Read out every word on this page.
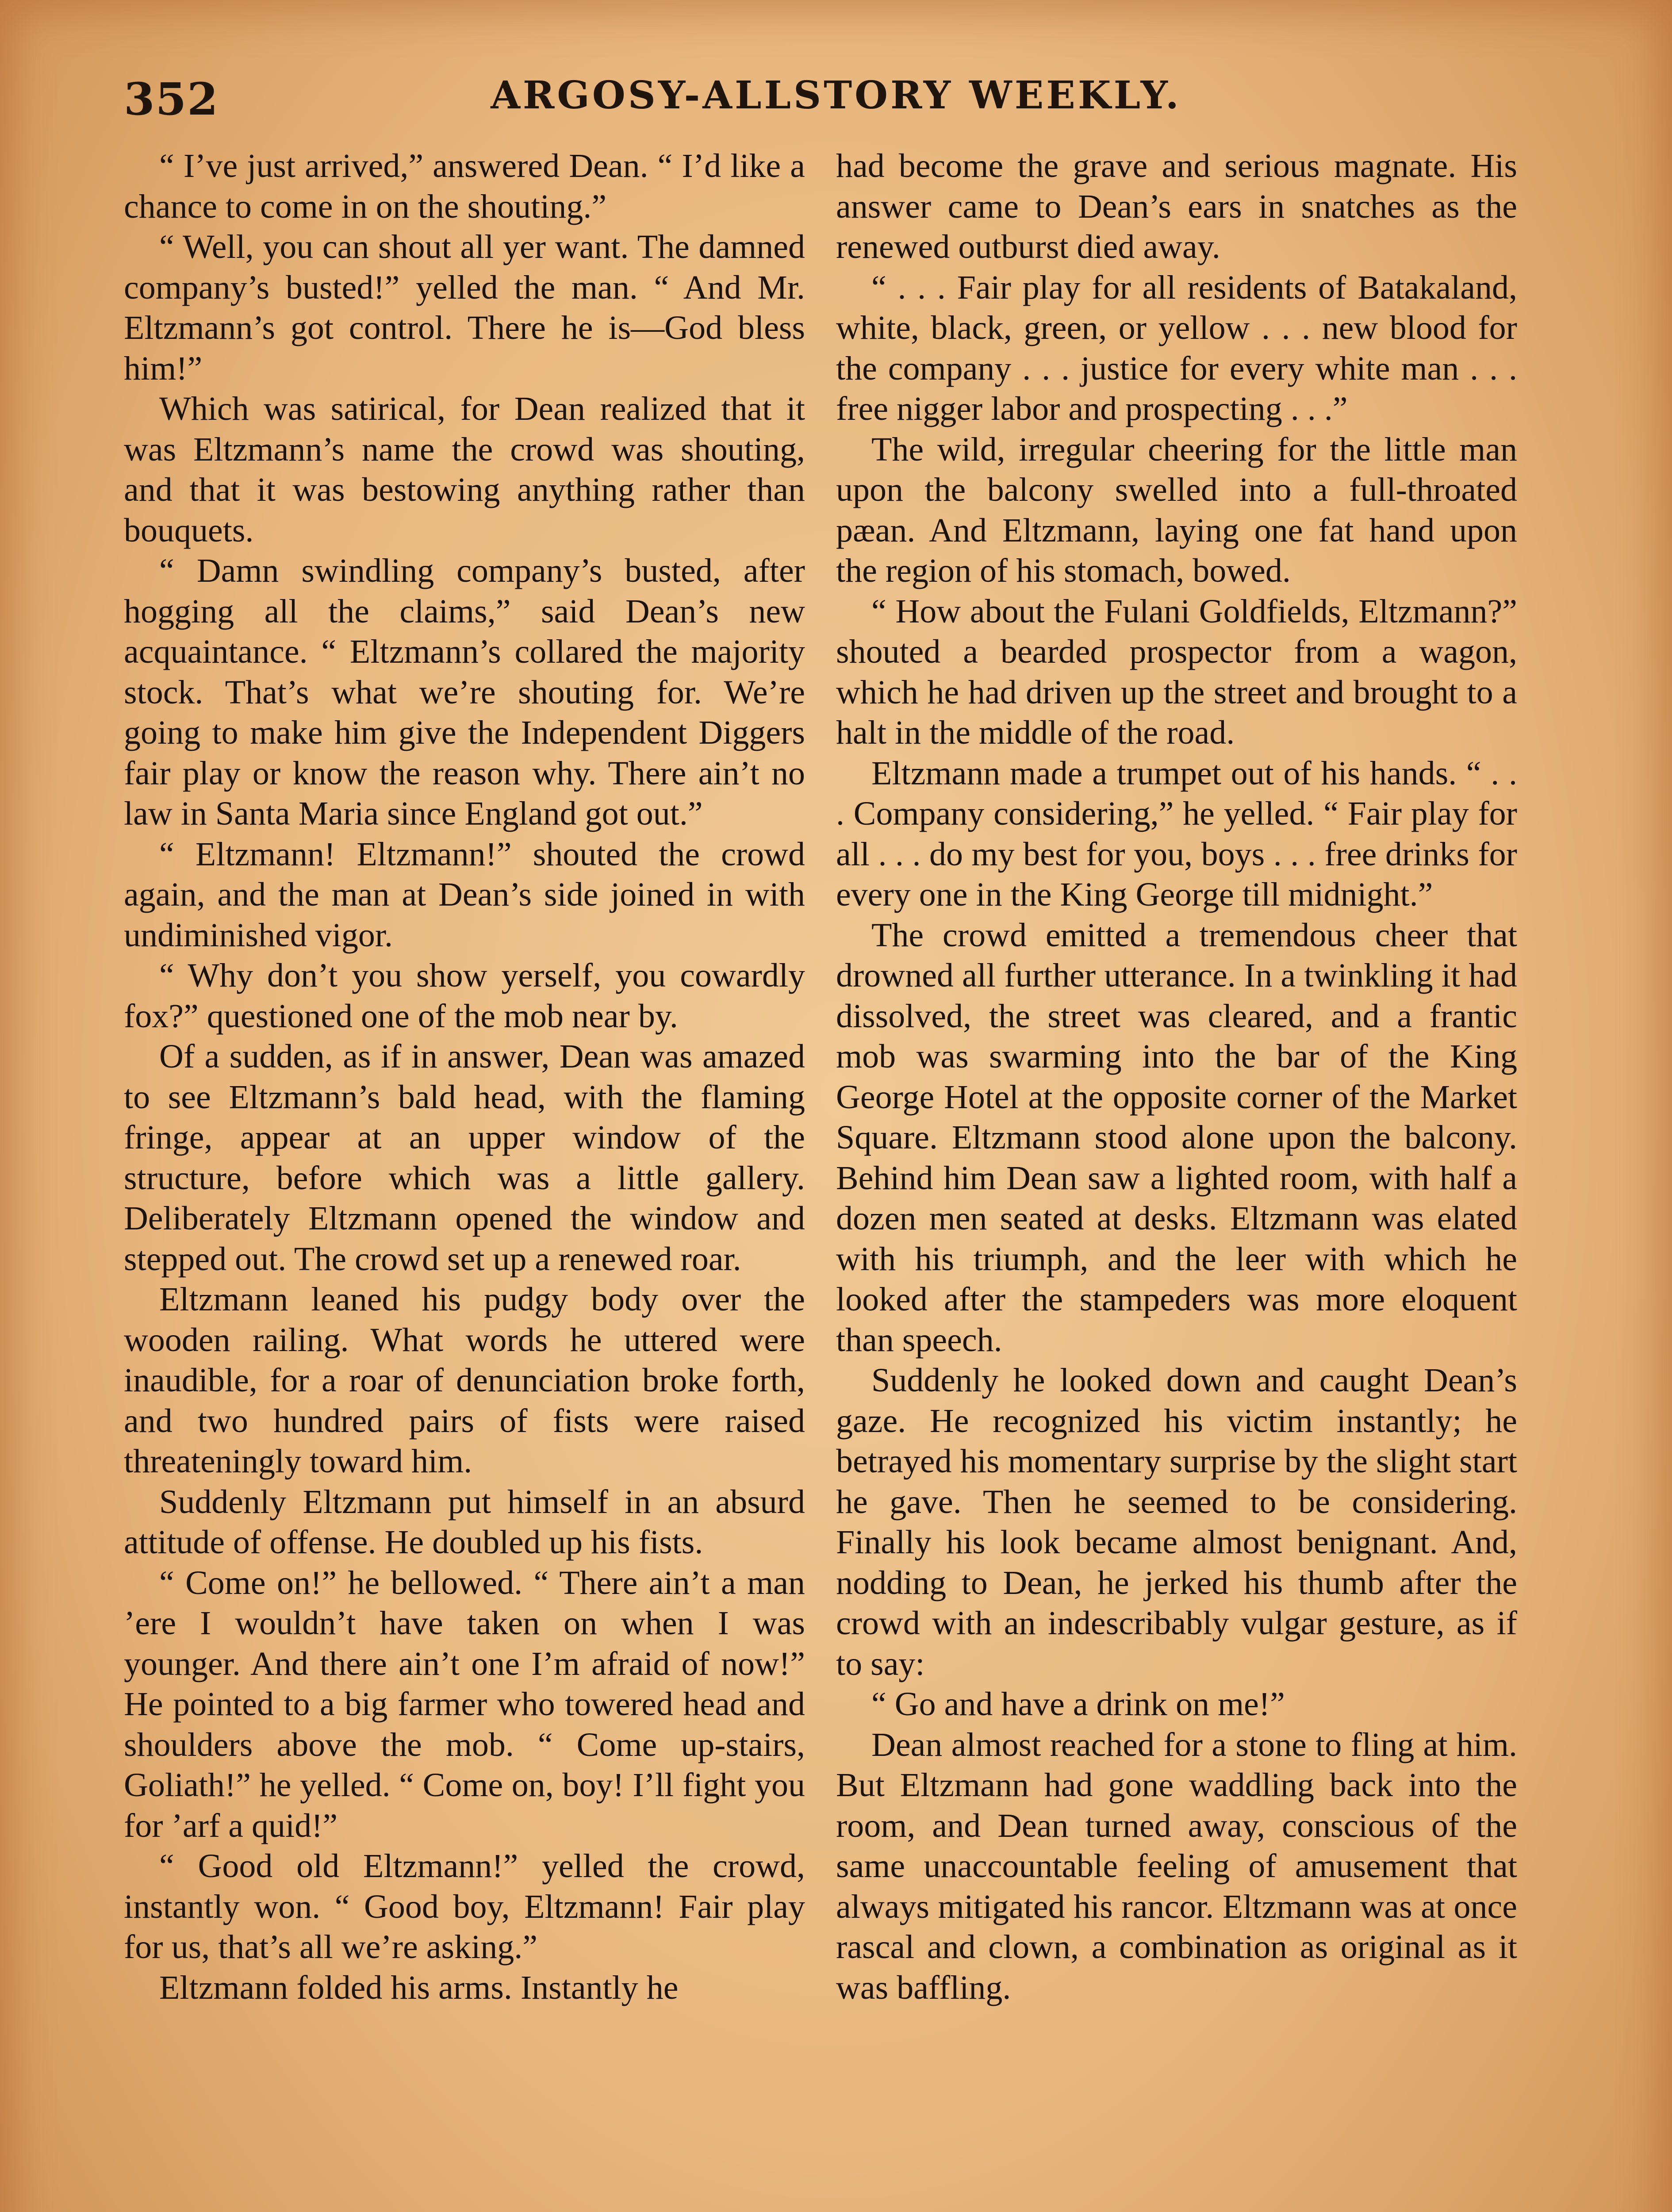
352	ARGOSY-ALLSTORY WEEKLY.

“ I’ve just arrived,” answered Dean. “ I’d like a chance to come in on the shouting.”

“ Well, you can shout all yer want. The damned company’s busted!” yelled the man. “ And Mr. Eltzmann’s got control. There he is—God bless him!”

Which was satirical, for Dean realized that it was Eltzmann’s name the crowd was shouting, and that it was bestowing anything rather than bouquets.

“ Damn swindling company’s busted, after hogging all the claims,” said Dean’s new acquaintance. “ Eltzmann’s collared the majority stock. That’s what we’re shouting for. We’re going to make him give the Independent Diggers fair play or know the reason why. There ain’t no law in Santa Maria since England got out.”

“ Eltzmann! Eltzmann!” shouted the crowd again, and the man at Dean’s side joined in with undiminished vigor.

“ Why don’t you show yerself, you cowardly fox?” questioned one of the mob near by.

Of a sudden, as if in answer, Dean was amazed to see Eltzmann’s bald head, with the flaming fringe, appear at an upper window of the structure, before which was a little gallery. Deliberately Eltzmann opened the window and stepped out. The crowd set up a renewed roar.

Eltzmann leaned his pudgy body over the wooden railing. What words he uttered were inaudible, for a roar of denunciation broke forth, and two hundred pairs of fists were raised threateningly toward him.

Suddenly Eltzmann put himself in an absurd attitude of offense. He doubled up his fists.

“ Come on!” he bellowed. “ There ain’t a man ’ere I wouldn’t have taken on when I was younger. And there ain’t one I’m afraid of now!” He pointed to a big farmer who towered head and shoulders above the mob. “ Come up-stairs, Goliath!” he yelled. “ Come on, boy! I’ll fight you for ’arf a quid!”

“ Good old Eltzmann!” yelled the crowd, instantly won. “ Good boy, Eltzmann! Fair play for us, that’s all we’re asking.”

Eltzmann folded his arms. Instantly he

had become the grave and serious magnate. His answer came to Dean’s ears in snatches as the renewed outburst died away.

“ . . . Fair play for all residents of Batakaland, white, black, green, or yellow . . . new blood for the company . . . justice for every white man . . . free nigger labor and prospecting . . .”

The wild, irregular cheering for the little man upon the balcony swelled into a full-throated pæan. And Eltzmann, laying one fat hand upon the region of his stomach, bowed.

“ How about the Fulani Goldfields, Eltzmann?” shouted a bearded prospector from a wagon, which he had driven up the street and brought to a halt in the middle of the road.

Eltzmann made a trumpet out of his hands. “ . . . Company considering,” he yelled. “ Fair play for all . . . do my best for you, boys . . . free drinks for every one in the King George till midnight.”

The crowd emitted a tremendous cheer that drowned all further utterance. In a twinkling it had dissolved, the street was cleared, and a frantic mob was swarming into the bar of the King George Hotel at the opposite corner of the Market Square. Eltzmann stood alone upon the balcony. Behind him Dean saw a lighted room, with half a dozen men seated at desks. Eltzmann was elated with his triumph, and the leer with which he looked after the stampeders was more eloquent than speech.

Suddenly he looked down and caught Dean’s gaze. He recognized his victim instantly; he betrayed his momentary surprise by the slight start he gave. Then he seemed to be considering. Finally his look became almost benignant. And, nodding to Dean, he jerked his thumb after the crowd with an indescribably vulgar gesture, as if to say:

“ Go and have a drink on me!”

Dean almost reached for a stone to fling at him. But Eltzmann had gone waddling back into the room, and Dean turned away, conscious of the same unaccountable feeling of amusement that always mitigated his rancor. Eltzmann was at once rascal and clown, a combination as original as it was baffling.
